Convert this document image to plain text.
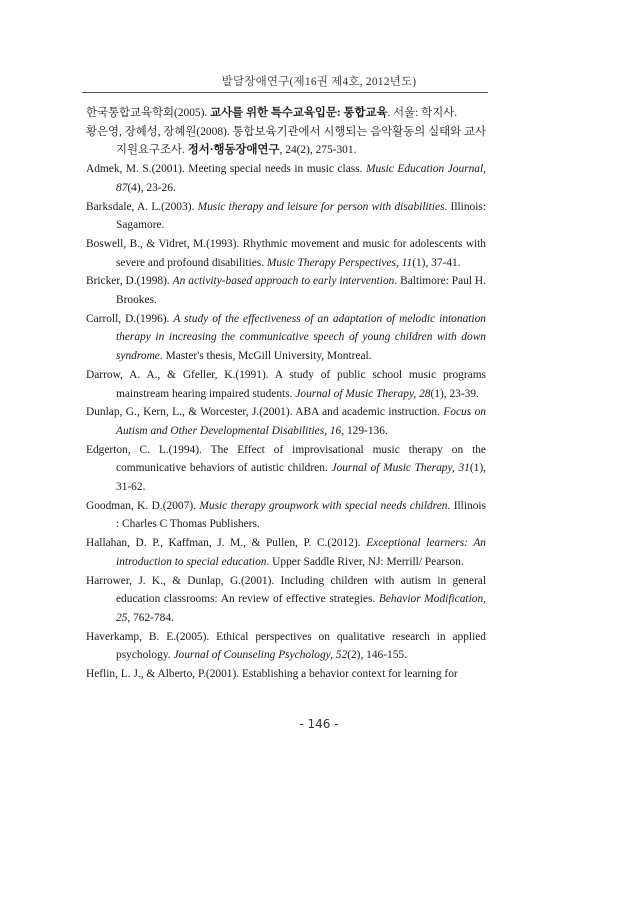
발달장애연구(제16권 제4호, 2012년도)
한국통합교육학회(2005). 교사를 위한 특수교육입문: 통합교육. 서울: 학지사.
황은영, 장혜성, 장혜원(2008). 통합보육기관에서 시행되는 음악활동의 실태와 교사지원요구조사. 정서·행동장애연구, 24(2), 275-301.
Admek, M. S.(2001). Meeting special needs in music class. Music Education Journal, 87(4), 23-26.
Barksdale, A. L.(2003). Music therapy and leisure for person with disabilities. Illinois: Sagamore.
Boswell, B., & Vidret, M.(1993). Rhythmic movement and music for adolescents with severe and profound disabilities. Music Therapy Perspectives, 11(1), 37-41.
Bricker, D.(1998). An activity-based approach to early intervention. Baltimore: Paul H. Brookes.
Carroll, D.(1996). A study of the effectiveness of an adaptation of melodic intonation therapy in increasing the communicative speech of young children with down syndrome. Master's thesis, McGill University, Montreal.
Darrow, A. A., & Gfeller, K.(1991). A study of public school music programs mainstream hearing impaired students. Journal of Music Therapy, 28(1), 23-39.
Dunlap, G., Kern, L., & Worcester, J.(2001). ABA and academic instruction. Focus on Autism and Other Developmental Disabilities, 16, 129-136.
Edgerton, C. L.(1994). The Effect of improvisational music therapy on the communicative behaviors of autistic children. Journal of Music Therapy, 31(1), 31-62.
Goodman, K. D.(2007). Music therapy groupwork with special needs children. Illinois : Charles C Thomas Publishers.
Hallahan, D. P., Kaffman, J. M., & Pullen, P. C.(2012). Exceptional learners: An introduction to special education. Upper Saddle River, NJ: Merrill/ Pearson.
Harrower, J. K., & Dunlap, G.(2001). Including children with autism in general education classrooms: An review of effective strategies. Behavior Modification, 25, 762-784.
Haverkamp, B. E.(2005). Ethical perspectives on qualitative research in applied psychology. Journal of Counseling Psychology, 52(2), 146-155.
Heflin, L. J., & Alberto, P.(2001). Establishing a behavior context for learning for
- 146 -
